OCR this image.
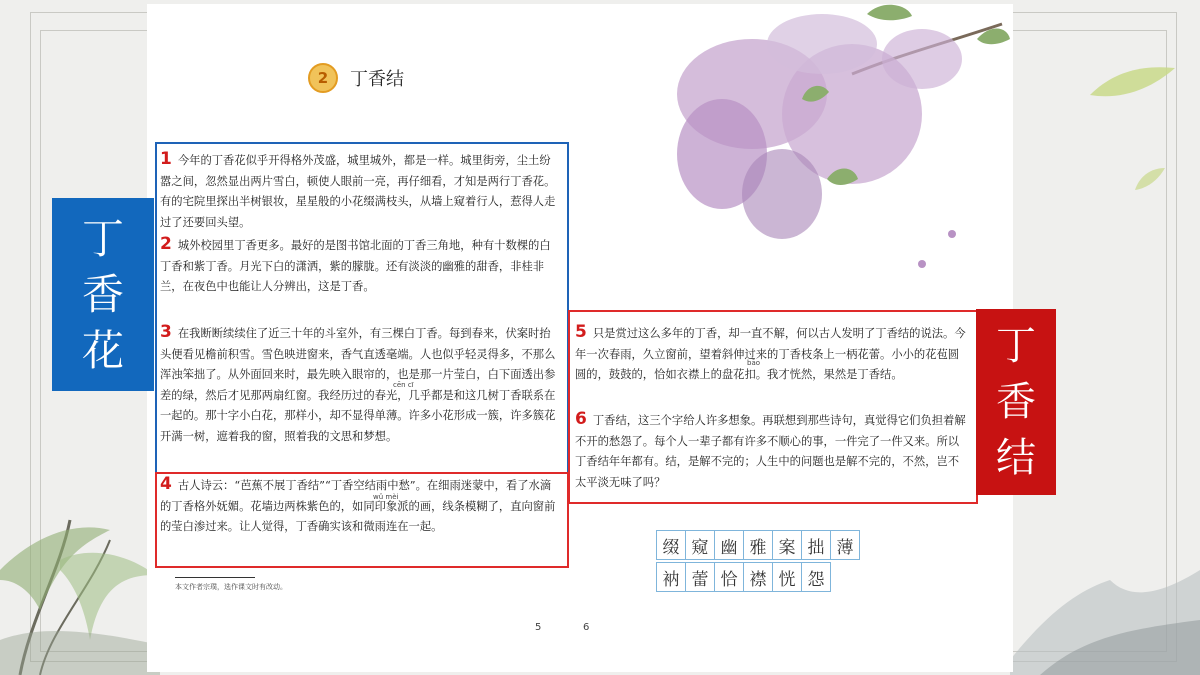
2	丁香结

1 今年的丁香花似乎开得格外茂盛，城里城外，都是一样。城里街旁，尘土纷嚣之间，忽然显出两片雪白，顿使人眼前一亮，再仔细看，才知是两行丁香花。有的宅院里探出半树银妆，星星般的小花缀满枝头，从墙上窥着行人，惹得人走过了还要回头望。

2 城外校园里丁香更多。最好的是图书馆北面的丁香三角地，种有十数棵的白丁香和紫丁香。月光下白的潇洒，紫的朦胧。还有淡淡的幽雅的甜香，非桂非兰，在夜色中也能让人分辨出，这是丁香。

3 在我断断续续住了近三十年的斗室外，有三棵白丁香。每到春来，伏案时抬头便看见檐前积雪。雪色映进窗来，香气直透毫端。人也似乎轻灵得多，不那么浑浊笨拙了。从外面回来时，最先映入眼帘的，也是那一片莹白，白下面透出参差的绿，然后才见那两扇红窗。我经历过的春光，几乎都是和这几树丁香联系在一起的。那十字小白花，那样小，却不显得单薄。许多小花形成一簇，许多簇花开满一树，遮着我的窗，照着我的文思和梦想。

cēn cī

4 古人诗云：“芭蕉不展丁香结”“丁香空结雨中愁”。在细雨迷蒙中，看了水滴的丁香格外妩媚。花墙边两株紫色的，如同印象派的画，线条模糊了，直向窗前的莹白渗过来。让人觉得，丁香确实该和微雨连在一起。

wǔ mèi

5 只是赏过这么多年的丁香，却一直不解，何以古人发明了丁香结的说法。今年一次春雨，久立窗前，望着斜伸过来的丁香枝条上一柄花蕾。小小的花苞圆圆的，鼓鼓的，恰如衣襟上的盘花扣。我才恍然，果然是丁香结。

bāo

6 丁香结，这三个字给人许多想象。再联想到那些诗句，真觉得它们负担着解不开的愁怨了。每个人一辈子都有许多不顺心的事，一件完了一件又来。所以丁香结年年都有。结，是解不完的；人生中的问题也是解不完的，不然，岂不太平淡无味了吗？

本文作者宗璞，选作课文时有改动。
5	6
缀 窥 幽 雅 案 拙 薄
衲 蕾 恰 襟 恍 怨
丁
香
花	丁
香
结
